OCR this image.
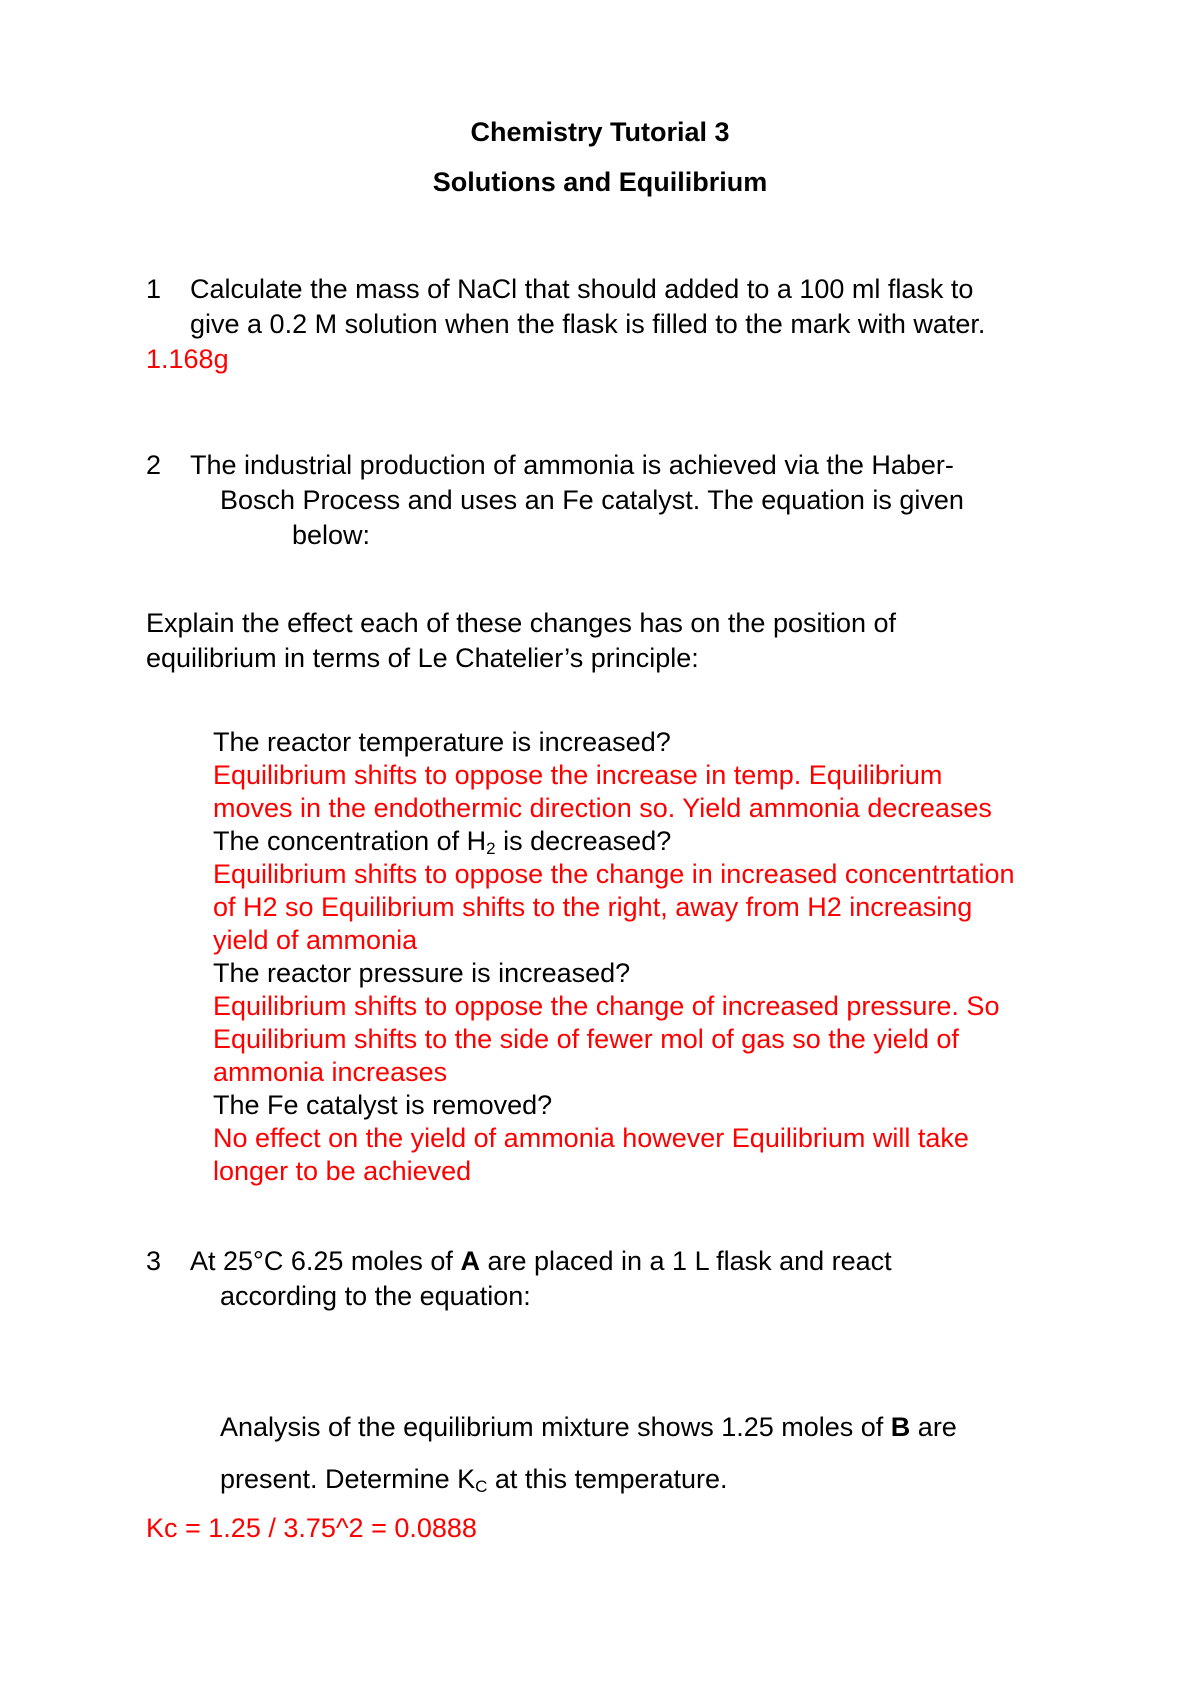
Chemistry Tutorial 3
Solutions and Equilibrium
1 Calculate the mass of NaCl that should added to a 100 ml flask to
give a 0.2 M solution when the flask is filled to the mark with water.
1.168g
2 The industrial production of ammonia is achieved via the Haber-
Bosch Process and uses an Fe catalyst. The equation is given
below:
Explain the effect each of these changes has on the position of
equilibrium in terms of Le Chatelier’s principle:
The reactor temperature is increased?
Equilibrium shifts to oppose the increase in temp. Equilibrium
moves in the endothermic direction so. Yield ammonia decreases
The concentration of $H_2$ is decreased?
Equilibrium shifts to oppose the change in increased concentrtation
of H2 so Equilibrium shifts to the right, away from H2 increasing
yield of ammonia
The reactor pressure is increased?
Equilibrium shifts to oppose the change of increased pressure. So
Equilibrium shifts to the side of fewer mol of gas so the yield of
ammonia increases
The Fe catalyst is removed?
No effect on the yield of ammonia however Equilibrium will take
longer to be achieved
3 At 25°C 6.25 moles of A are placed in a 1 L flask and react
according to the equation:
Analysis of the equilibrium mixture shows 1.25 moles of B are
present. Determine $K_C$ at this temperature.
Kc = 1.25 / 3.75^2 = 0.0888
